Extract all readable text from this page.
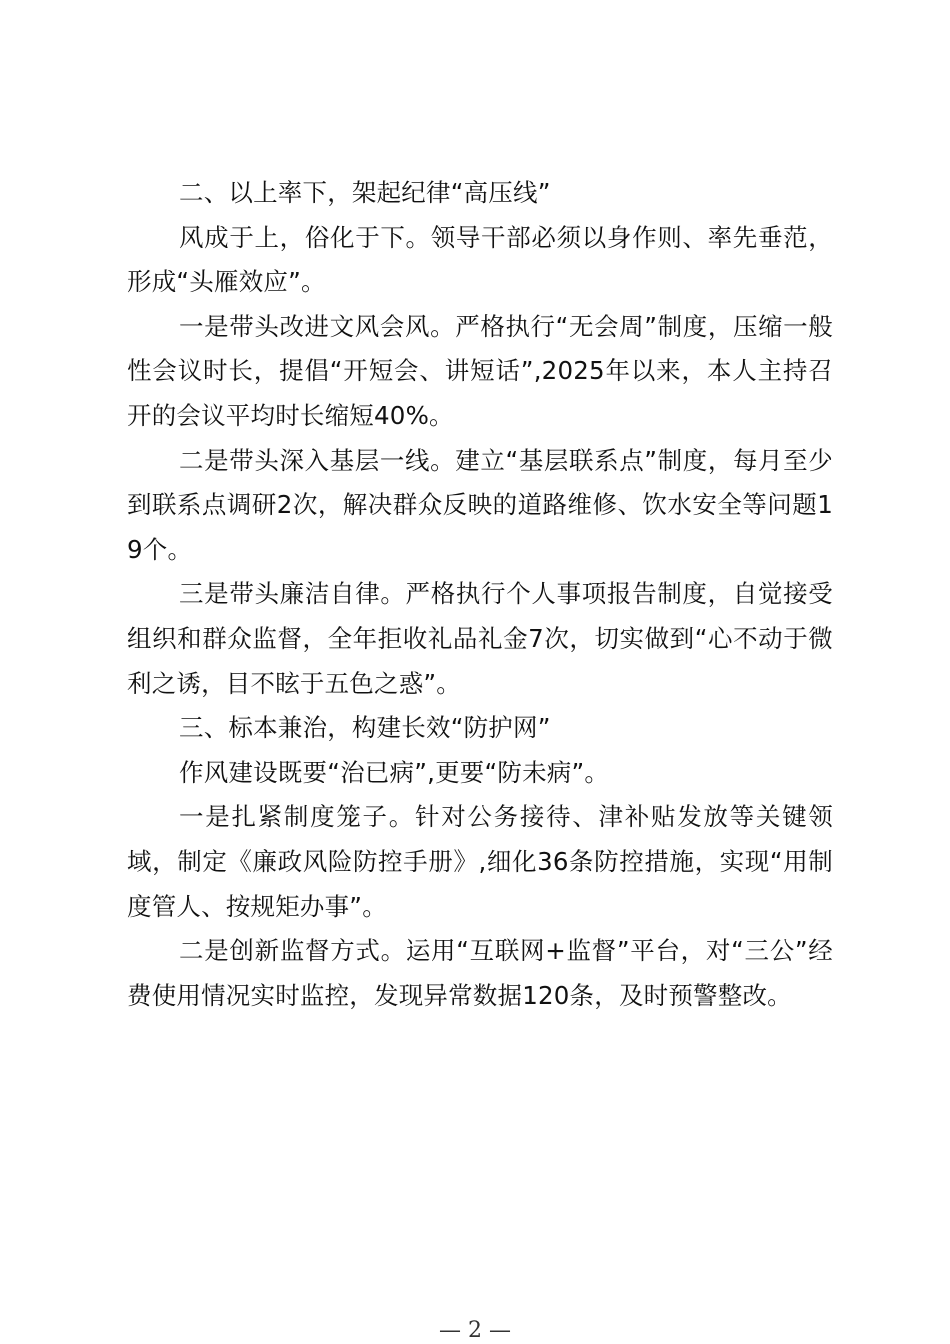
二、以上率下，架起纪律“高压线”

风成于上，俗化于下。领导干部必须以身作则、率先垂范，形成“头雁效应”。

一是带头改进文风会风。严格执行“无会周”制度，压缩一般性会议时长，提倡“开短会、讲短话”,2025年以来，本人主持召开的会议平均时长缩短40%。

二是带头深入基层一线。建立“基层联系点”制度，每月至少到联系点调研2次，解决群众反映的道路维修、饮水安全等问题19个。

三是带头廉洁自律。严格执行个人事项报告制度，自觉接受组织和群众监督，全年拒收礼品礼金7次，切实做到“心不动于微利之诱，目不眩于五色之惑”。

三、标本兼治，构建长效“防护网”

作风建设既要“治已病”,更要“防未病”。

一是扎紧制度笼子。针对公务接待、津补贴发放等关键领域，制定《廉政风险防控手册》,细化36条防控措施，实现“用制度管人、按规矩办事”。

二是创新监督方式。运用“互联网+监督”平台，对“三公”经费使用情况实时监控，发现异常数据120条，及时预警整改。

— 2 —
